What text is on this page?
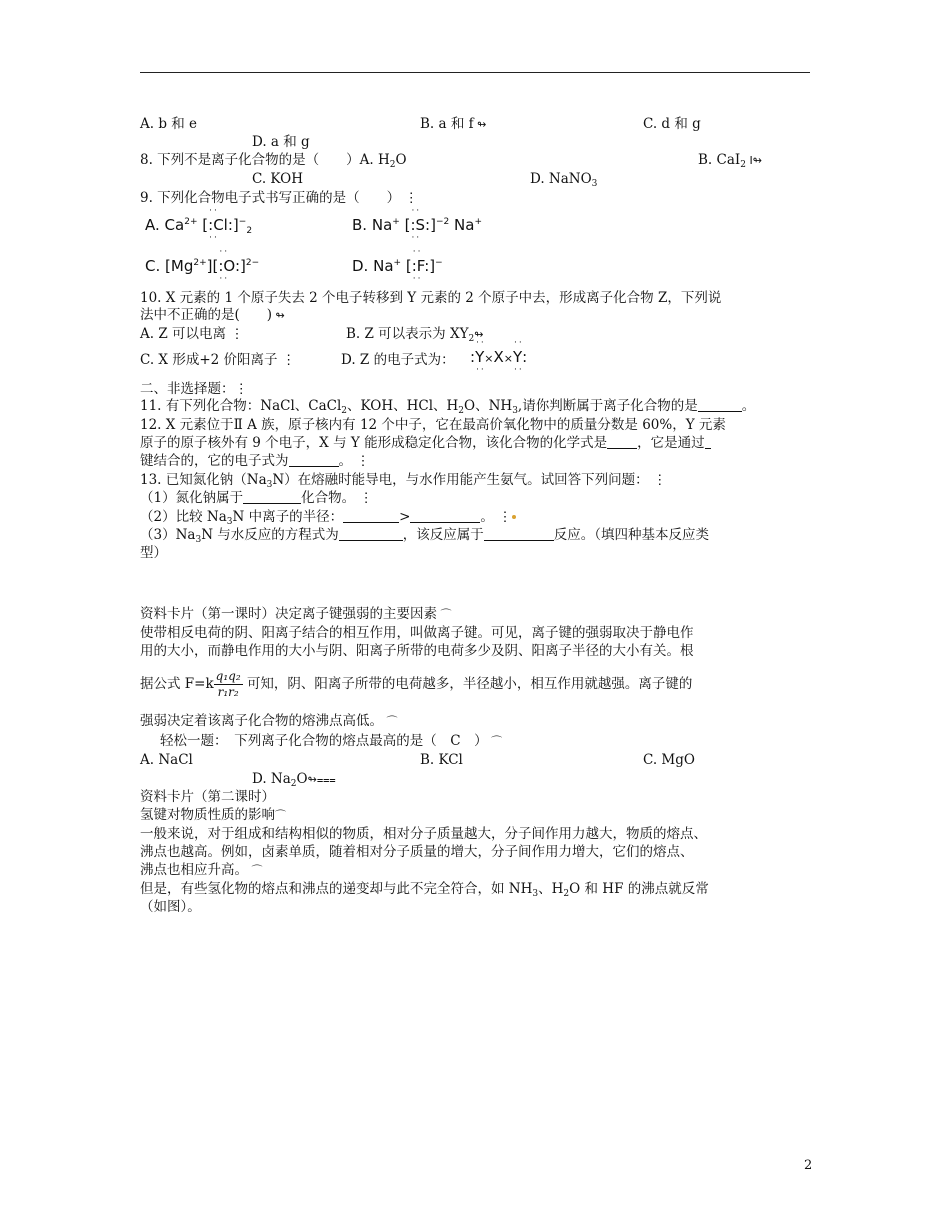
A. b 和 e	B. a 和 f ↬	C. d 和 g
D. a 和 g
8. 下列不是离子化合物的是（　　）A. $H_2O$	B. CaI$_2$ I↬
C. KOH	D. NaNO$_3$
9. 下列化合物电子式书写正确的是（　　） ⋮
A. $Ca^{2+}$ [
··
:Cl:
··
]$^-_2$	B. Na+ [
··
:S:
··
]$^{-2}$ Na+
C. $[Mg^{2+}]$[
··
:O:
··
]$^{2-}$	D. Na+ [
··
:F:
··
]−
10. X 元素的 1 个原子失去 2 个电子转移到 Y 元素的 2 个原子中去，形成离子化合物 Z，下列说
法中不正确的是(　　) ↬
A. Z 可以电离 ⋮	B. Z 可以表示为 $XY_2↬$
C. X 形成+2 价阳离子 ⋮	D. Z 的电子式为： :
··
Y
··
×X×
··
Y
··
:
二、非选择题：⋮
11. 有下列化合物：NaCl、CaCl$_2$、KOH、HCl、$H_2O$、$NH_3$,请你判断属于离子化合物的是	。
12. X 元素位于Ⅱ A 族，原子核内有 12 个中子，它在最高价氧化物中的质量分数是 60%，Y 元素
原子的原子核外有 9 个电子，X 与 Y 能形成稳定化合物，该化合物的化学式是 ，它是通过
键结合的，它的电子式为	。 ⋮
13. 已知氮化钠$(Na_3N)$在熔融时能导电，与水作用能产生氨气。试回答下列问题： ⋮
（1）氮化钠属于	化合物。 ⋮
（2）比较 $Na_3N$ 中离子的半径：	>	。 ⋮
$(3)Na_3N$ 与水反应的方程式为	，该反应属于	反应。（填四种基本反应类
型）
资料卡片（第一课时）决定离子键强弱的主要因素 ⌒
使带相反电荷的阴、阳离子结合的相互作用，叫做离子键。可见，离子键的强弱取决于静电作
用的大小，而静电作用的大小与阴、阳离子所带的电荷多少及阴、阳离子半径的大小有关。根
据公式 $F=k \frac{\text{q₁q₂}}{\text{r₁r₂}}$ 可知，阴、阳离子所带的电荷越多，半径越小，相互作用就越强。离子键的
强弱决定着该离子化合物的熔沸点高低。 ⌒
轻松一题：　下列离子化合物的熔点最高的是（　C　） ⌒
A. NaCl	B. KCl	C. MgO
D. $Na_2O↬⩶$
资料卡片（第二课时）
氢键对物质性质的影响⌒
一般来说，对于组成和结构相似的物质，相对分子质量越大，分子间作用力越大，物质的熔点、
沸点也越高。例如，卤素单质，随着相对分子质量的增大，分子间作用力增大，它们的熔点、
沸点也相应升高。 ⌒
但是，有些氢化物的熔点和沸点的递变却与此不完全符合，如 $NH_3$、$H_2O$ 和 HF 的沸点就反常
（如图）。
2
